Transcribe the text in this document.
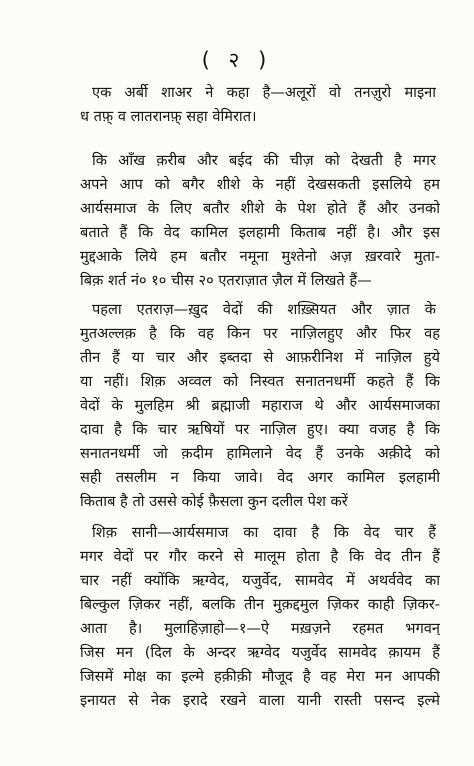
( २ )
एक अर्बी शाअर ने कहा है—अलूरों वो तनज़ुरो माइना
ध तफ़् व लातरानफ़् सहा वेमिरात।
कि आँख क़रीब और बईद की चीज़ को देखती है मगर
अपने आप को बगैर शीशे के नहीं देखसकती इसलिये हम
आर्यसमाज के लिए बतौर शीशे के पेश होते हैं और उनको
बताते हैं कि वेद कामिल इलहामी किताब नहीं है। और इस
मुद्दआके लिये हम बतौर नमूना मुश्तेनो अज़ ख़रवारे मुता-
बिक़ शर्त नं० १० चीस २० एतराज़ात ज़ैल में लिखते हैं—
पहला एतराज़—ख़ुद वेदों की शख़्सियत और ज़ात के
मुतअल्लक़ है कि वह किन पर नाज़िलहुए और फिर वह
तीन हैं या चार और इब्तदा से आफ़रीनिश में नाज़िल हुये
या नहीं। शिक़ अव्वल को निस्वत सनातनधर्मी कहते हैं कि
वेदों के मुलहिम श्री ब्रह्माजी महाराज थे और आर्यसमाजका
दावा है कि चार ऋषियों पर नाज़िल हुए। क्या वजह है कि
सनातनधर्मी जो क़दीम हामिलाने वेद हैं उनके अक़ीदे को
सही तसलीम न किया जावे। वेद अगर कामिल इलहामी
किताब है तो उससे कोई फ़ैसला कुन दलील पेश करें
शिक़ सानी—आर्यसमाज का दावा है कि वेद चार हैं
मगर वेदों पर गौर करने से मालूम होता है कि वेद तीन हैं
चार नहीं क्योंकि ऋग्वेद, यजुर्वेद, सामवेद में अथर्ववेद का
बिल्कुल ज़िकर नहीं, बलकि तीन मुक़द्दमुल ज़िकर काही ज़िकर-
आता है। मुलाहिज़ाहो—१—ऐ मख़ज़ने रहमत भगवन्
जिस मन (दिल के अन्दर ऋग्वेद यजुर्वेद सामवेद क़ायम हैं
जिसमें मोक्ष का इल्मे हक़ीक़ी मौजूद है वह मेरा मन आपकी
इनायत से नेक इरादे रखने वाला यानी रास्ती पसन्द इल्मे
